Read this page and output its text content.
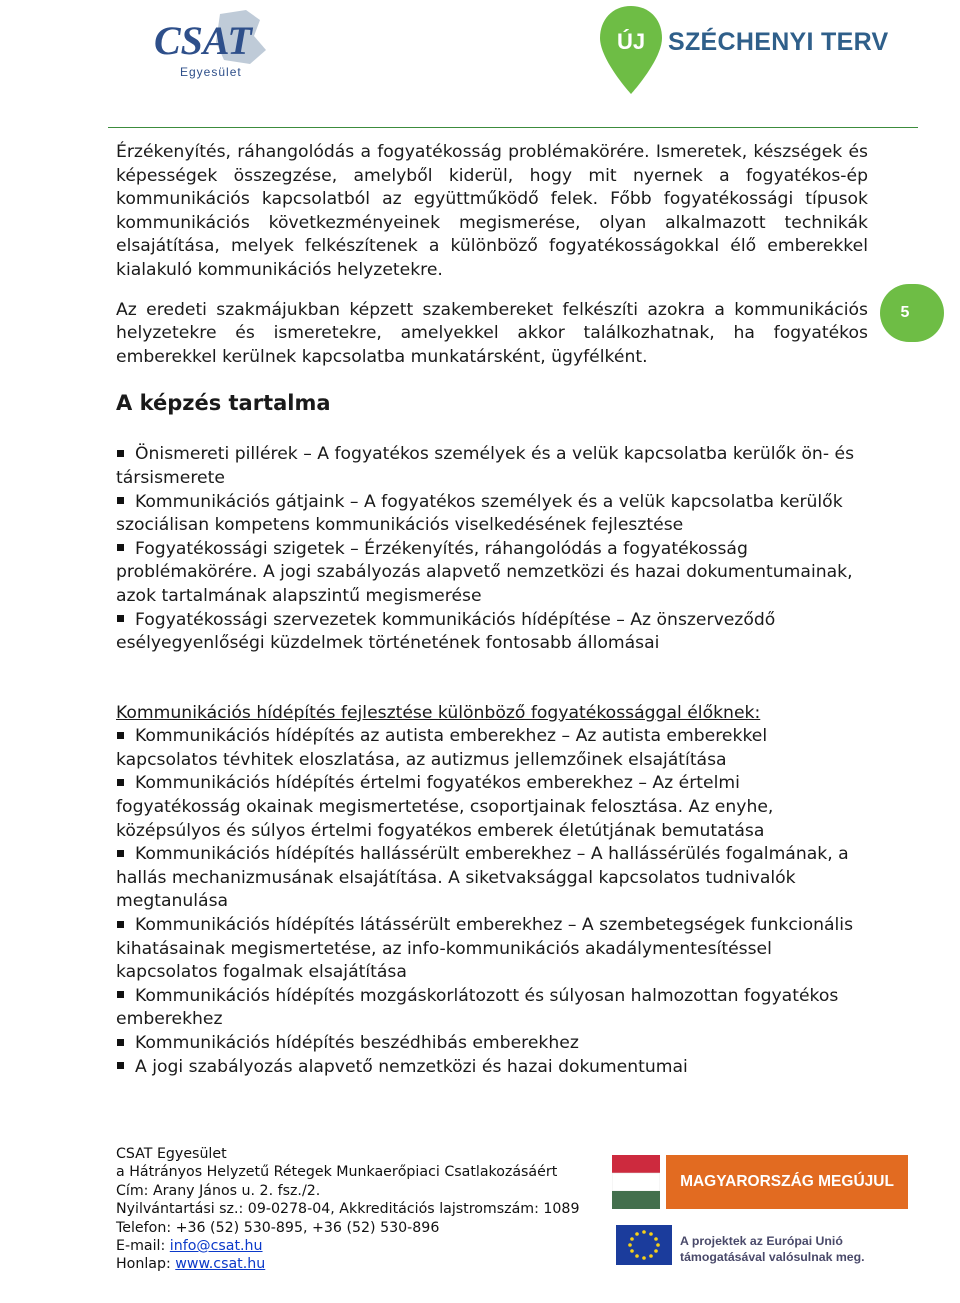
CSAT
Egyesület
ÚJ SZÉCHENYI TERV
5

Érzékenyítés, ráhangolódás a fogyatékosság problémakörére. Ismeretek, készségek és képességek összegzése, amelyből kiderül, hogy mit nyernek a fogyatékos-ép kommunikációs kapcsolatból az együttműködő felek. Főbb fogyatékossági típusok kommunikációs következményeinek megismerése, olyan alkalmazott technikák elsajátítása, melyek felkészítenek a különböző fogyatékosságokkal élő emberekkel kialakuló kommunikációs helyzetekre.

Az eredeti szakmájukban képzett szakembereket felkészíti azokra a kommunikációs helyzetekre és ismeretekre, amelyekkel akkor találkozhatnak, ha fogyatékos emberekkel kerülnek kapcsolatba munkatársként, ügyfélként.

A képzés tartalma
Önismereti pillérek – A fogyatékos személyek és a velük kapcsolatba kerülők ön- és társismerete
Kommunikációs gátjaink – A fogyatékos személyek és a velük kapcsolatba kerülők szociálisan kompetens kommunikációs viselkedésének fejlesztése
Fogyatékossági szigetek – Érzékenyítés, ráhangolódás a fogyatékosság problémakörére. A jogi szabályozás alapvető nemzetközi és hazai dokumentumainak, azok tartalmának alapszintű megismerése
Fogyatékossági szervezetek kommunikációs hídépítése – Az önszerveződő esélyegyenlőségi küzdelmek történetének fontosabb állomásai

Kommunikációs hídépítés fejlesztése különböző fogyatékossággal élőknek:

Kommunikációs hídépítés az autista emberekhez – Az autista emberekkel kapcsolatos tévhitek eloszlatása, az autizmus jellemzőinek elsajátítása
Kommunikációs hídépítés értelmi fogyatékos emberekhez – Az értelmi fogyatékosság okainak megismertetése, csoportjainak felosztása. Az enyhe, középsúlyos és súlyos értelmi fogyatékos emberek életútjának bemutatása
Kommunikációs hídépítés hallássérült emberekhez – A hallássérülés fogalmának, a hallás mechanizmusának elsajátítása. A siketvaksággal kapcsolatos tudnivalók megtanulása
Kommunikációs hídépítés látássérült emberekhez – A szembetegségek funkcionális kihatásainak megismertetése, az info-kommunikációs akadálymentesítéssel kapcsolatos fogalmak elsajátítása
Kommunikációs hídépítés mozgáskorlátozott és súlyosan halmozottan fogyatékos emberekhez
Kommunikációs hídépítés beszédhibás emberekhez
A jogi szabályozás alapvető nemzetközi és hazai dokumentumai
CSAT Egyesület
a Hátrányos Helyzetű Rétegek Munkaerőpiaci Csatlakozásáért
Cím: Arany János u. 2. fsz./2.
Nyilvántartási sz.: 09-0278-04, Akkreditációs lajstromszám: 1089
Telefon: +36 (52) 530-895, +36 (52) 530-896
E-mail: info@csat.hu
Honlap: www.csat.hu
MAGYARORSZÁG MEGÚJUL
A projektek az Európai Unió
támogatásával valósulnak meg.
